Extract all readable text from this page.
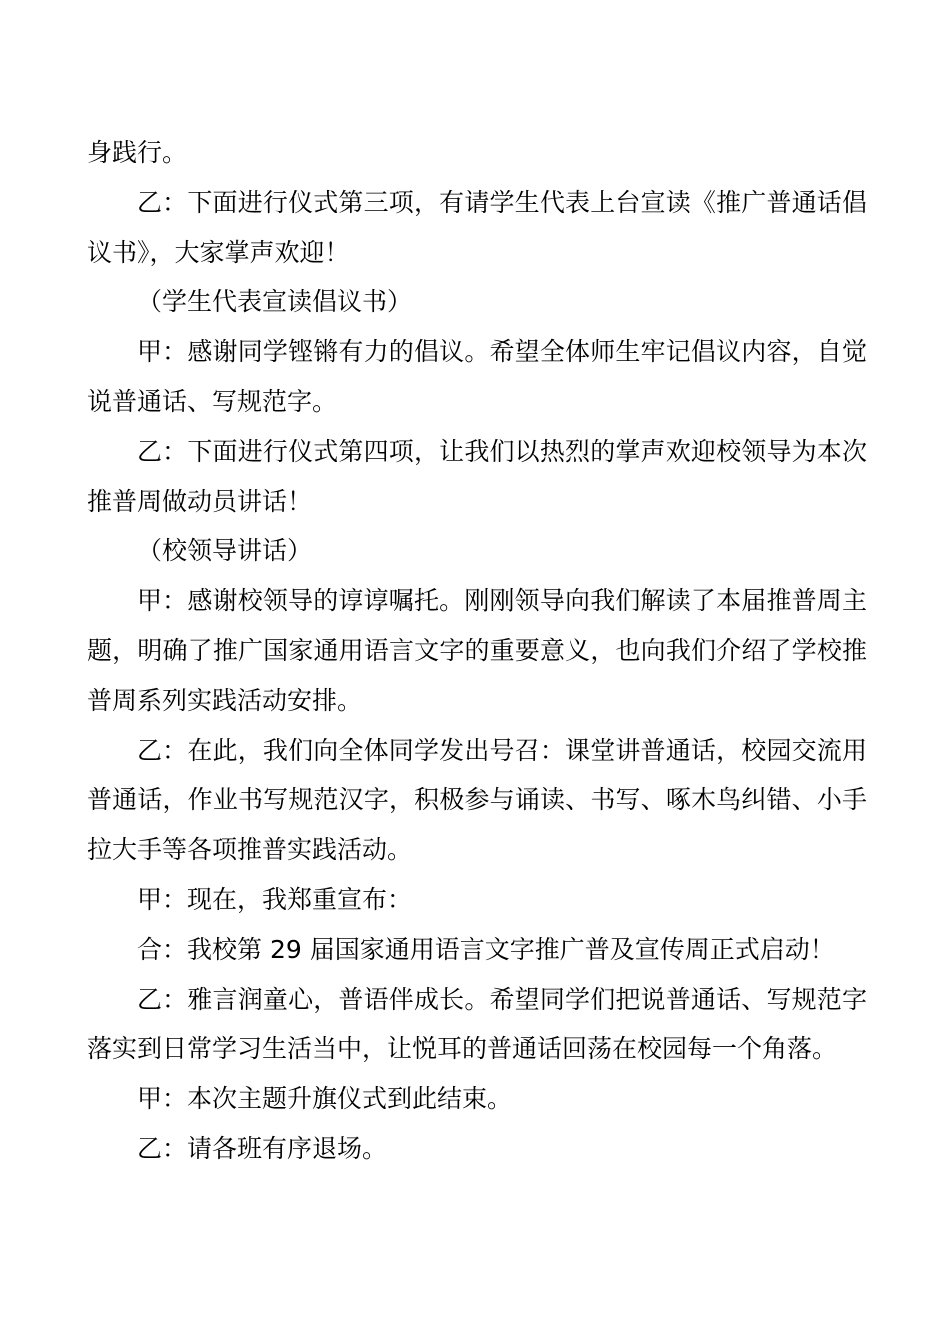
身践行。

乙：下面进行仪式第三项，有请学生代表上台宣读《推广普通话倡议书》，大家掌声欢迎！

（学生代表宣读倡议书）

甲：感谢同学铿锵有力的倡议。希望全体师生牢记倡议内容，自觉说普通话、写规范字。

乙：下面进行仪式第四项，让我们以热烈的掌声欢迎校领导为本次推普周做动员讲话！

（校领导讲话）

甲：感谢校领导的谆谆嘱托。刚刚领导向我们解读了本届推普周主题，明确了推广国家通用语言文字的重要意义，也向我们介绍了学校推普周系列实践活动安排。

乙：在此，我们向全体同学发出号召：课堂讲普通话，校园交流用普通话，作业书写规范汉字，积极参与诵读、书写、啄木鸟纠错、小手拉大手等各项推普实践活动。

甲：现在，我郑重宣布：

合：我校第 29 届国家通用语言文字推广普及宣传周正式启动！

乙：雅言润童心，普语伴成长。希望同学们把说普通话、写规范字落实到日常学习生活当中，让悦耳的普通话回荡在校园每一个角落。

甲：本次主题升旗仪式到此结束。

乙：请各班有序退场。
